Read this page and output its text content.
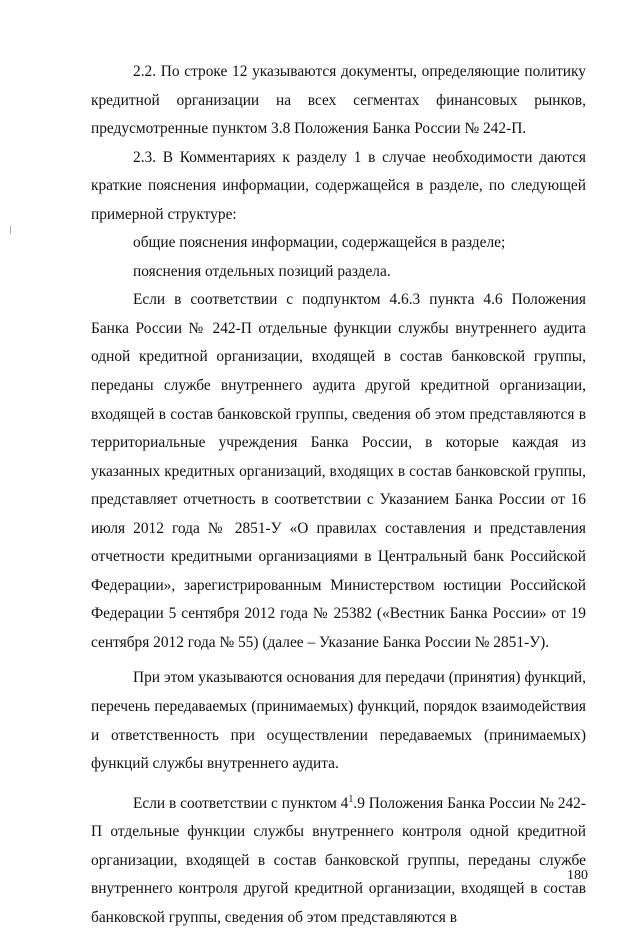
2.2. По строке 12 указываются документы, определяющие политику кредитной организации на всех сегментах финансовых рынков, предусмотренные пунктом 3.8 Положения Банка России № 242-П.

2.3. В Комментариях к разделу 1 в случае необходимости даются краткие пояснения информации, содержащейся в разделе, по следующей примерной структуре:

общие пояснения информации, содержащейся в разделе;

пояснения отдельных позиций раздела.

Если в соответствии с подпунктом 4.6.3 пункта 4.6 Положения Банка России № 242-П отдельные функции службы внутреннего аудита одной кредитной организации, входящей в состав банковской группы, переданы службе внутреннего аудита другой кредитной организации, входящей в состав банковской группы, сведения об этом представляются в территориальные учреждения Банка России, в которые каждая из указанных кредитных организаций, входящих в состав банковской группы, представляет отчетность в соответствии с Указанием Банка России от 16 июля 2012 года № 2851-У «О правилах составления и представления отчетности кредитными организациями в Центральный банк Российской Федерации», зарегистрированным Министерством юстиции Российской Федерации 5 сентября 2012 года № 25382 («Вестник Банка России» от 19 сентября 2012 года № 55) (далее – Указание Банка России № 2851-У).

При этом указываются основания для передачи (принятия) функций, перечень передаваемых (принимаемых) функций, порядок взаимодействия и ответственность при осуществлении передаваемых (принимаемых) функций службы внутреннего аудита.

Если в соответствии с пунктом $4^1.9$ Положения Банка России № 242-П отдельные функции службы внутреннего контроля одной кредитной организации, входящей в состав банковской группы, переданы службе внутреннего контроля другой кредитной организации, входящей в состав банковской группы, сведения об этом представляются в

180
